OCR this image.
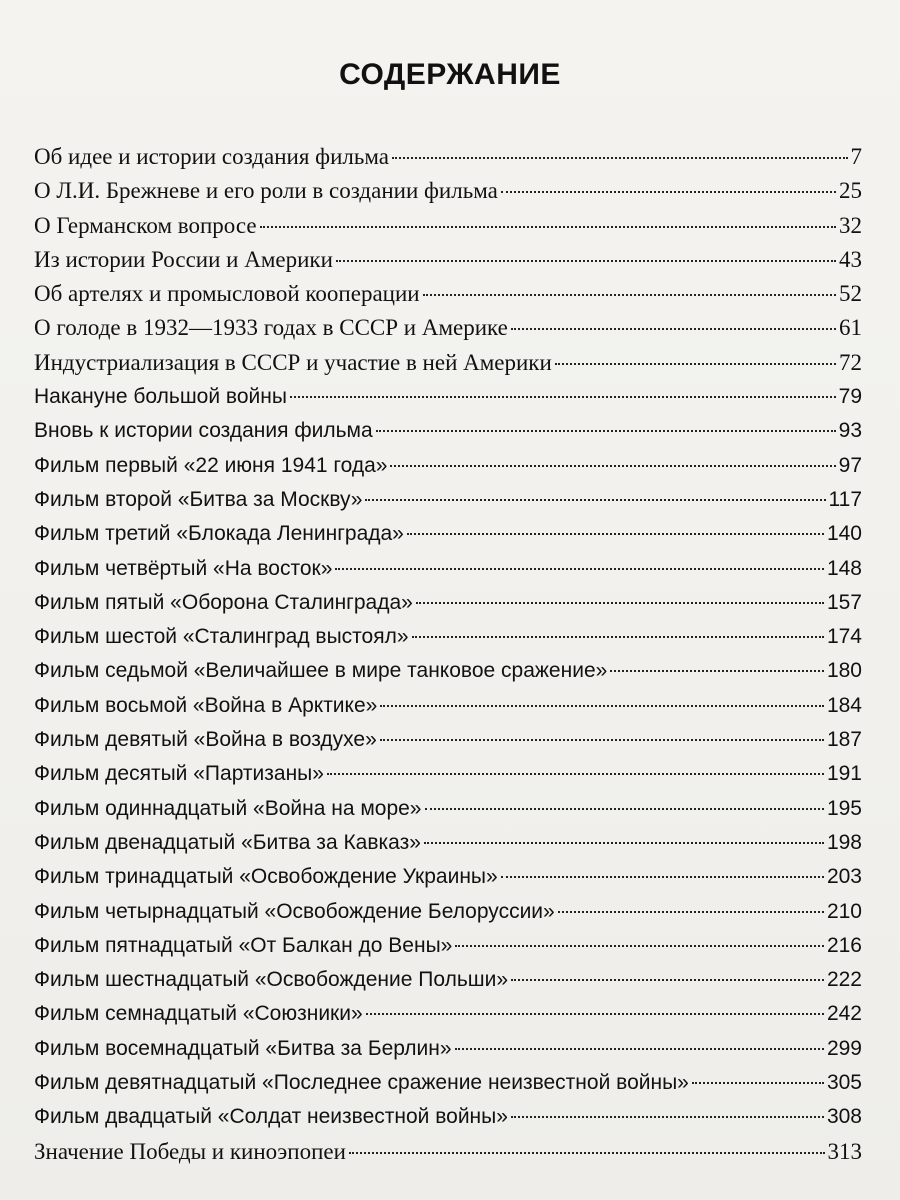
СОДЕРЖАНИЕ
Об идее и истории создания фильма	7
О Л.И. Брежневе и его роли в создании фильма	25
О Германском вопросе	32
Из истории России и Америки	43
Об артелях и промысловой кооперации	52
О голоде в 1932—1933 годах в СССР и Америке	61
Индустриализация в СССР и участие в ней Америки	72
Накануне большой войны	79
Вновь к истории создания фильма	93
Фильм первый «22 июня 1941 года»	97
Фильм второй «Битва за Москву»	117
Фильм третий «Блокада Ленинграда»	140
Фильм четвёртый «На восток»	148
Фильм пятый «Оборона Сталинграда»	157
Фильм шестой «Сталинград выстоял»	174
Фильм седьмой «Величайшее в мире танковое сражение»	180
Фильм восьмой «Война в Арктике»	184
Фильм девятый «Война в воздухе»	187
Фильм десятый «Партизаны»	191
Фильм одиннадцатый «Война на море»	195
Фильм двенадцатый «Битва за Кавказ»	198
Фильм тринадцатый «Освобождение Украины»	203
Фильм четырнадцатый «Освобождение Белоруссии»	210
Фильм пятнадцатый «От Балкан до Вены»	216
Фильм шестнадцатый «Освобождение Польши»	222
Фильм семнадцатый «Союзники»	242
Фильм восемнадцатый «Битва за Берлин»	299
Фильм девятнадцатый «Последнее сражение неизвестной войны»	305
Фильм двадцатый «Солдат неизвестной войны»	308
Значение Победы и киноэпопеи	313
